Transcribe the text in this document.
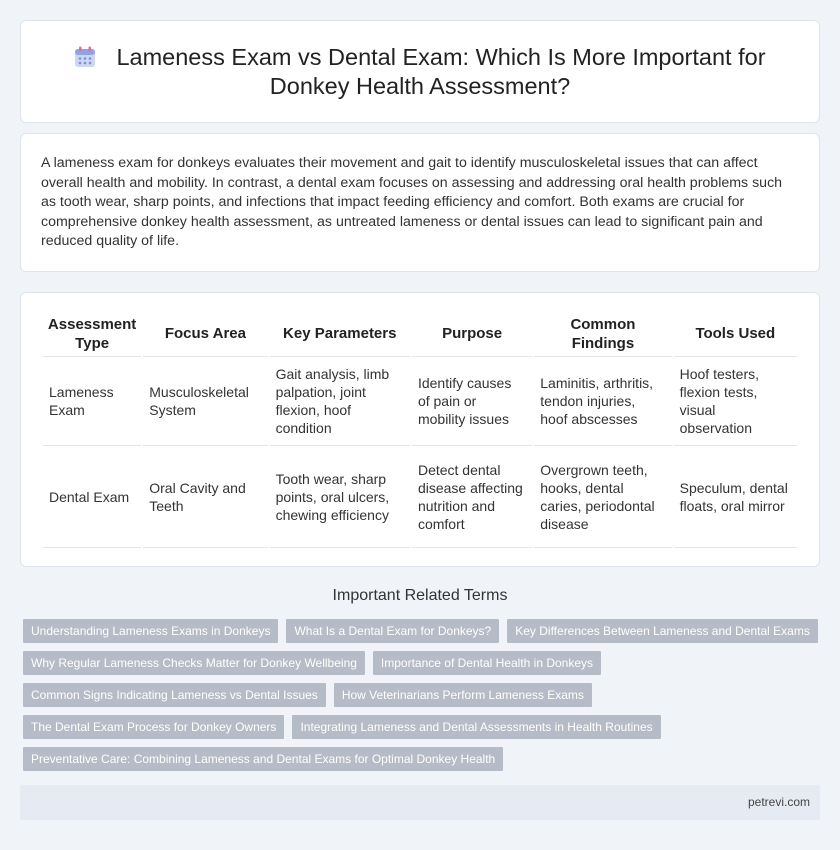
Lameness Exam vs Dental Exam: Which Is More Important for
Donkey Health Assessment?

A lameness exam for donkeys evaluates their movement and gait to identify musculoskeletal issues that can affect overall health and mobility. In contrast, a dental exam focuses on assessing and addressing oral health problems such as tooth wear, sharp points, and infections that impact feeding efficiency and comfort. Both exams are crucial for comprehensive donkey health assessment, as untreated lameness or dental issues can lead to significant pain and reduced quality of life.

Assessment Type	Focus Area	Key Parameters	Purpose	Common Findings	Tools Used
Lameness Exam	Musculoskeletal System	Gait analysis, limb palpation, joint flexion, hoof condition	Identify causes of pain or mobility issues	Laminitis, arthritis, tendon injuries, hoof abscesses	Hoof testers, flexion tests, visual observation
Dental Exam	Oral Cavity and Teeth	Tooth wear, sharp points, oral ulcers, chewing efficiency	Detect dental disease affecting nutrition and comfort	Overgrown teeth, hooks, dental caries, periodontal disease	Speculum, dental floats, oral mirror
Important Related Terms
Understanding Lameness Exams in Donkeys	What Is a Dental Exam for Donkeys?	Key Differences Between Lameness and Dental Exams
Why Regular Lameness Checks Matter for Donkey Wellbeing	Importance of Dental Health in Donkeys
Common Signs Indicating Lameness vs Dental Issues	How Veterinarians Perform Lameness Exams
The Dental Exam Process for Donkey Owners	Integrating Lameness and Dental Assessments in Health Routines
Preventative Care: Combining Lameness and Dental Exams for Optimal Donkey Health
petrevi.com
